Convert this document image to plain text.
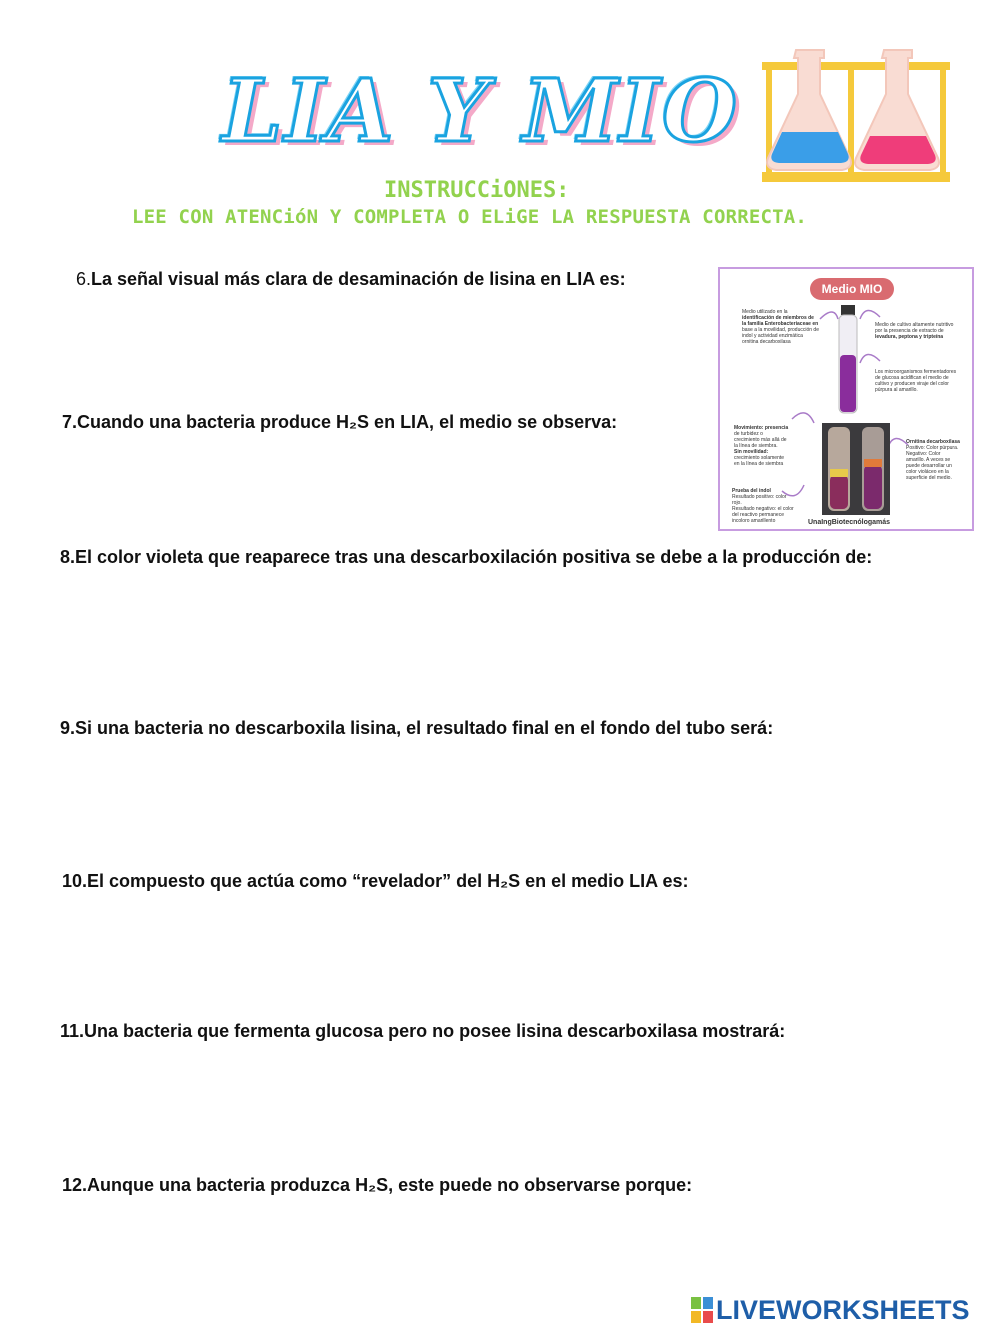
LIA Y MIO
INSTRUCCiONES:
LEE CON ATENCióN Y COMPLETA O ELiGE LA RESPUESTA CORRECTA.
6.La señal visual más clara de desaminación de lisina en LIA es:
7.Cuando una bacteria produce H₂S en LIA, el medio se observa:
8.El color violeta que reaparece tras una descarboxilación positiva se debe a la producción de:
9.Si una bacteria no descarboxila lisina, el resultado final en el fondo del tubo será:
10.El compuesto que actúa como “revelador” del H₂S en el medio LIA es:
11.Una bacteria que fermenta glucosa pero no posee lisina descarboxilasa mostrará:
12.Aunque una bacteria produzca H₂S, este puede no observarse porque:
Medio MIO
Medio utilizado en la
identificación de miembros de
la familia Enterobacteriaceae en
base a la movilidad, producción de
indol y actividad enzimática
ornitina decarboxilasa
Medio de cultivo altamente nutritivo
por la presencia de extracto de
levadura, peptona y tripteína
Los microorganismos fermentadores
de glucosa acidifican el medio de
cultivo y producen viraje del color
púrpura al amarillo.
Movimiento: presencia
de turbidez o
crecimiento más allá de
la línea de siembra.
Sin movilidad:
crecimiento solamente
en la línea de siembra
Ornitina decarboxilasa
Positivo: Color púrpura.
Negativo: Color
amarillo. A veces se
puede desarrollar un
color violáceo en la
superficie del medio.
Prueba del indol
Resultado positivo: color
rojo.
Resultado negativo: el color
del reactivo permanece
incoloro amarillento	UnaIngBiotecnólogamás
LIVEWORKSHEETS
